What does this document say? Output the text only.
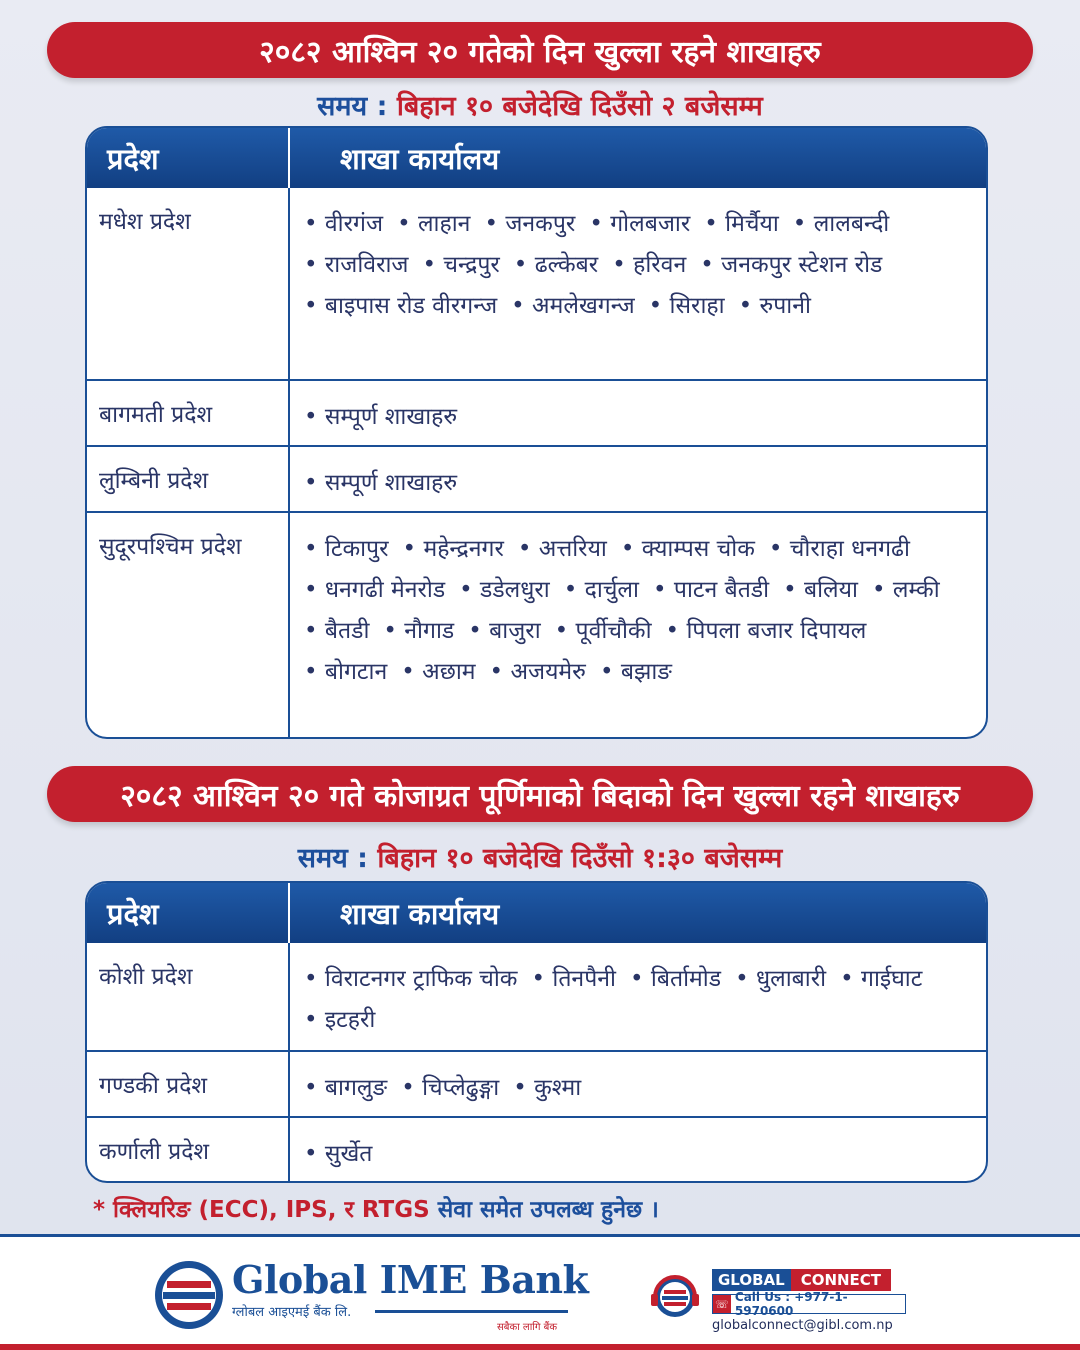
२०८२ आश्विन २० गतेको दिन खुल्ला रहने शाखाहरु
समय : बिहान १० बजेदेखि दिउँसो २ बजेसम्म
प्रदेश	शाखा कार्यालय
मधेश प्रदेश	• वीरगंज • लाहान • जनकपुर • गोलबजार • मिर्चैया • लालबन्दी• राजविराज • चन्द्रपुर • ढल्केबर • हरिवन • जनकपुर स्टेशन रोड• बाइपास रोड वीरगन्ज • अमलेखगन्ज • सिराहा • रुपानी
बागमती प्रदेश	• सम्पूर्ण शाखाहरु
लुम्बिनी प्रदेश	• सम्पूर्ण शाखाहरु
सुदूरपश्चिम प्रदेश	• टिकापुर • महेन्द्रनगर • अत्तरिया • क्याम्पस चोक • चौराहा धनगढी• धनगढी मेनरोड • डडेलधुरा • दार्चुला • पाटन बैतडी • बलिया • लम्की• बैतडी • नौगाड • बाजुरा • पूर्वीचौकी • पिपला बजार दिपायल• बोगटान • अछाम • अजयमेरु • बझाङ
२०८२ आश्विन २० गते कोजाग्रत पूर्णिमाको बिदाको दिन खुल्ला रहने शाखाहरु
समय : बिहान १० बजेदेखि दिउँसो १:३० बजेसम्म
प्रदेश	शाखा कार्यालय
कोशी प्रदेश	• विराटनगर ट्राफिक चोक • तिनपैनी • बिर्तामोड • धुलाबारी • गाईघाट• इटहरी
गण्डकी प्रदेश	• बागलुङ • चिप्लेढुङ्गा • कुश्मा
कर्णाली प्रदेश	• सुर्खेत
* क्लियरिङ (ECC), IPS, र RTGS सेवा समेत उपलब्ध हुनेछ ।
Global IME Bank
ग्लोबल आइएमई बैंक लि.
सबैका लागि बैंक
GLOBAL	CONNECT
☏ Call Us : +977-1-5970600
globalconnect@gibl.com.np
